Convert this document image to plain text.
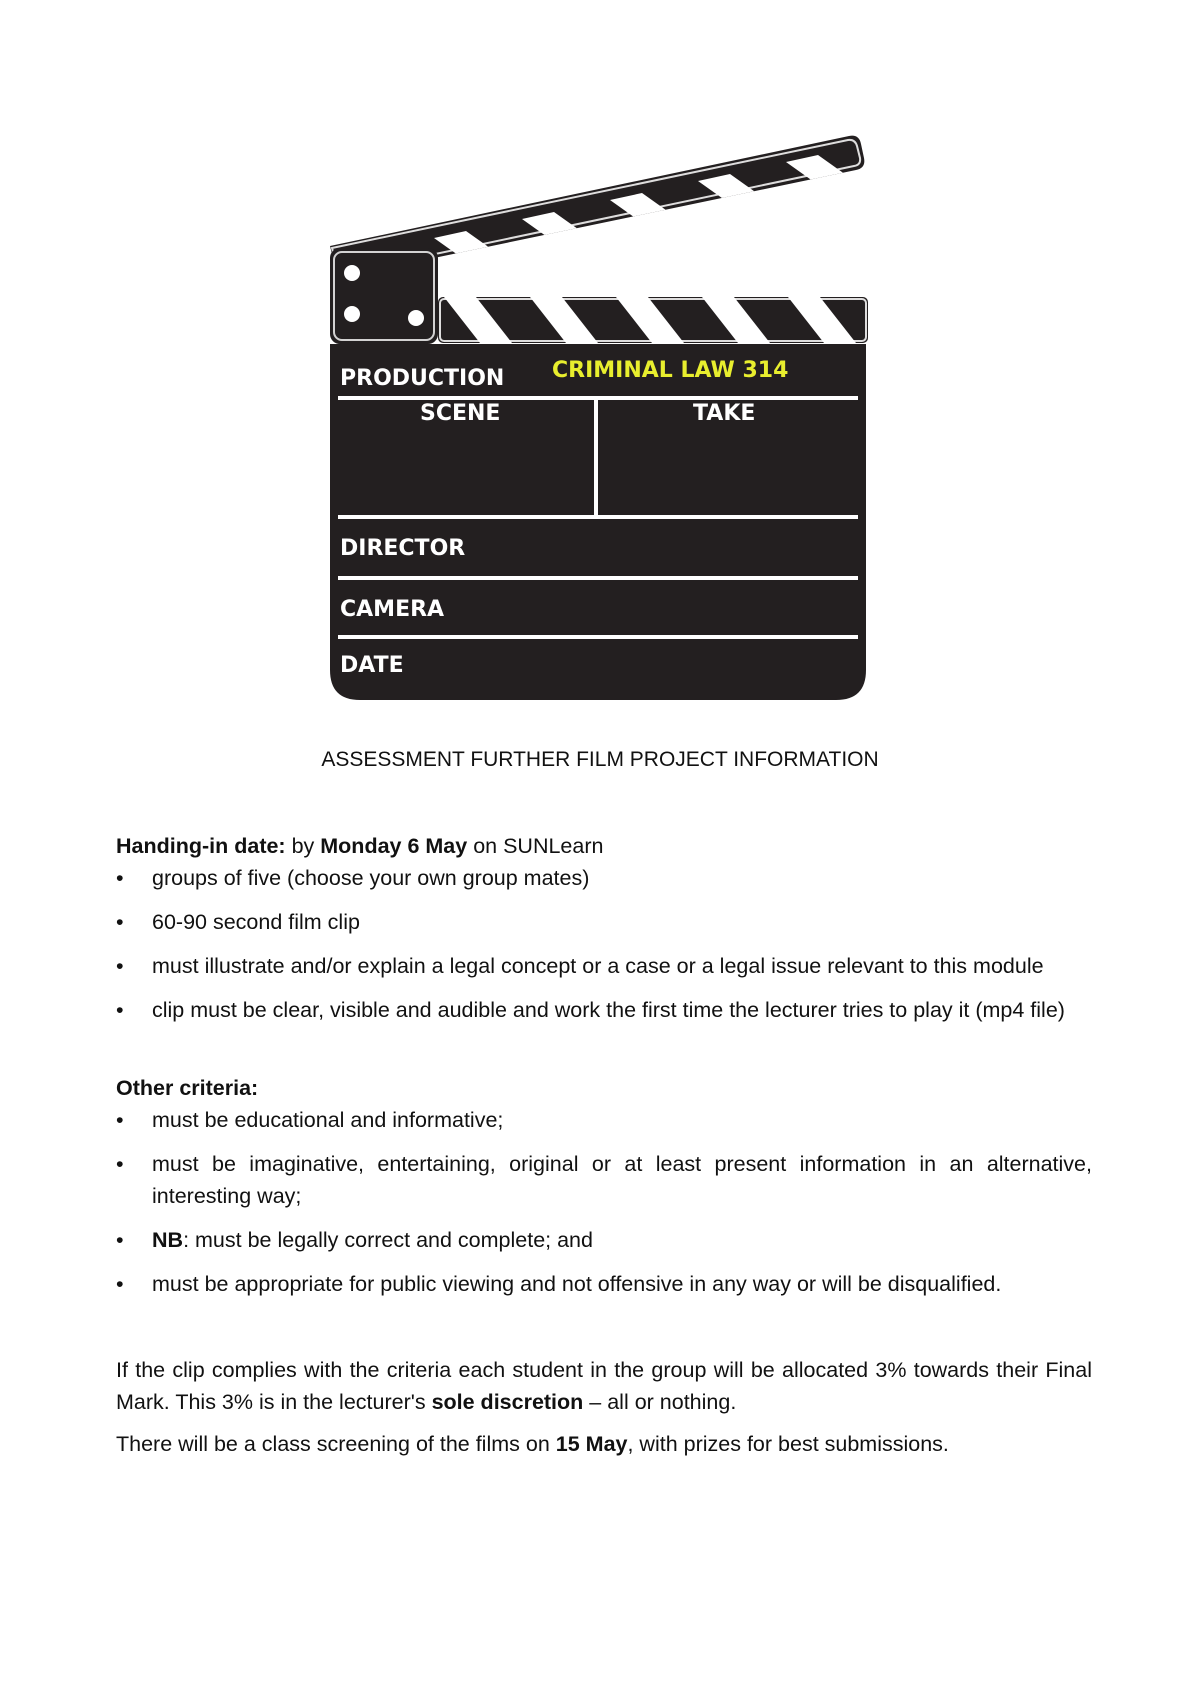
PRODUCTION CRIMINAL LAW 314
SCENE	TAKE
DIRECTOR
CAMERA
DATE
ASSESSMENT FURTHER FILM PROJECT INFORMATION

Handing-in date: by Monday 6 May on SUNLearn

• groups of five (choose your own group mates)
• 60-90 second film clip
• must illustrate and/or explain a legal concept or a case or a legal issue relevant to this module
• clip must be clear, visible and audible and work the first time the lecturer tries to play it (mp4 file)

Other criteria:

• must be educational and informative;
• must be imaginative, entertaining, original or at least present information in an alternative, interesting way;
• NB: must be legally correct and complete; and
• must be appropriate for public viewing and not offensive in any way or will be disqualified.

If the clip complies with the criteria each student in the group will be allocated 3% towards their Final Mark. This 3% is in the lecturer's sole discretion – all or nothing.

There will be a class screening of the films on 15 May, with prizes for best submissions.
